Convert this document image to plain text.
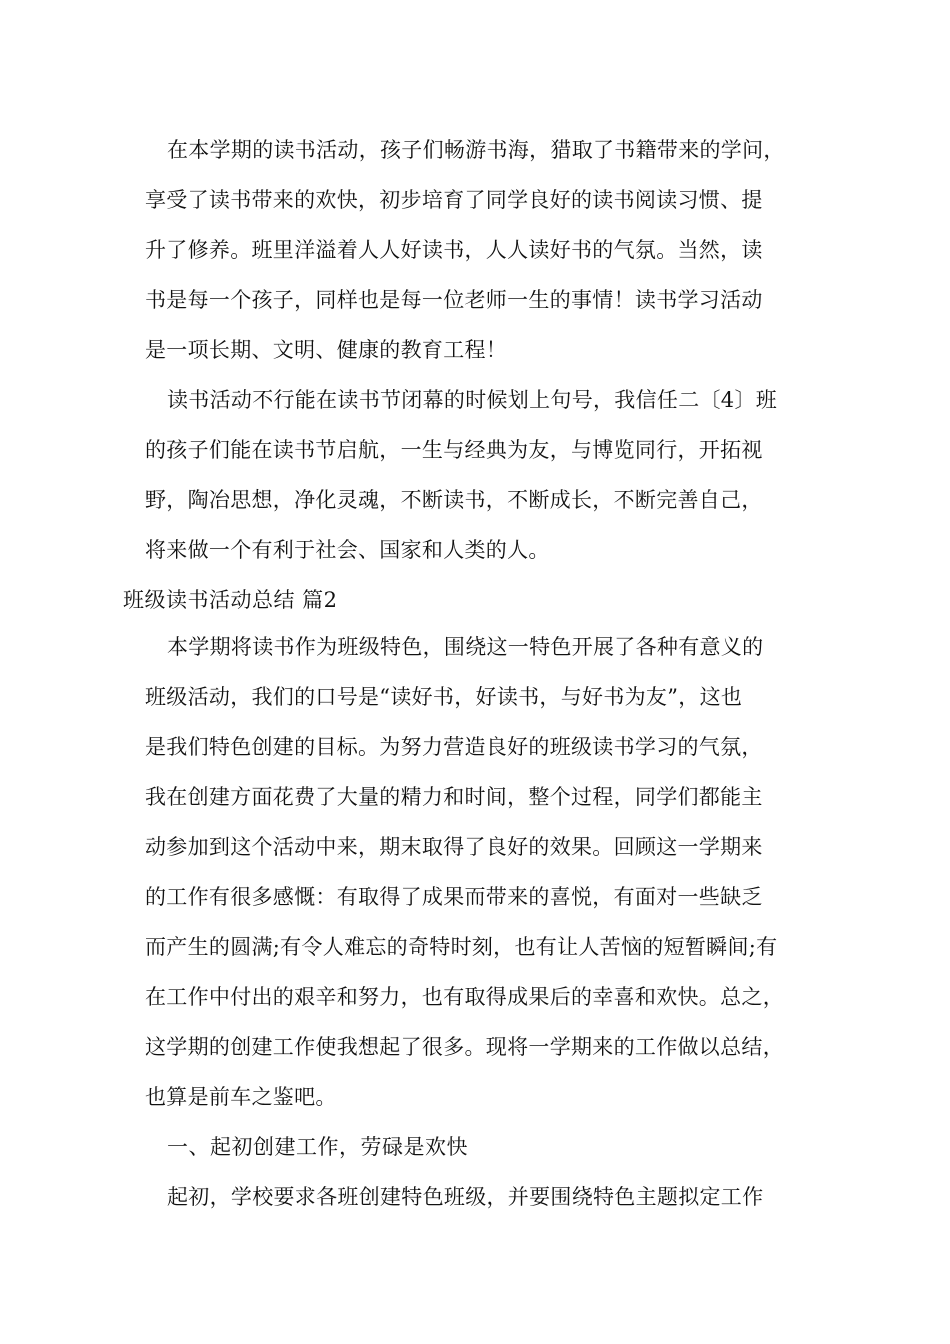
在本学期的读书活动，孩子们畅游书海，猎取了书籍带来的学问，
享受了读书带来的欢快，初步培育了同学良好的读书阅读习惯、提
升了修养。班里洋溢着人人好读书，人人读好书的气氛。当然，读
书是每一个孩子，同样也是每一位老师一生的事情！读书学习活动
是一项长期、文明、健康的教育工程！
读书活动不行能在读书节闭幕的时候划上句号，我信任二〔4〕班
的孩子们能在读书节启航，一生与经典为友，与博览同行，开拓视
野，陶冶思想，净化灵魂，不断读书，不断成长，不断完善自己，
将来做一个有利于社会、国家和人类的人。
班级读书活动总结 篇2
本学期将读书作为班级特色，围绕这一特色开展了各种有意义的
班级活动，我们的口号是“读好书，好读书，与好书为友”，这也
是我们特色创建的目标。为努力营造良好的班级读书学习的气氛，
我在创建方面花费了大量的精力和时间，整个过程，同学们都能主
动参加到这个活动中来，期末取得了良好的效果。回顾这一学期来
的工作有很多感慨：有取得了成果而带来的喜悦，有面对一些缺乏
而产生的圆满;有令人难忘的奇特时刻，也有让人苦恼的短暂瞬间;有
在工作中付出的艰辛和努力，也有取得成果后的幸喜和欢快。总之，
这学期的创建工作使我想起了很多。现将一学期来的工作做以总结，
也算是前车之鉴吧。
一、起初创建工作，劳碌是欢快
起初，学校要求各班创建特色班级，并要围绕特色主题拟定工作
